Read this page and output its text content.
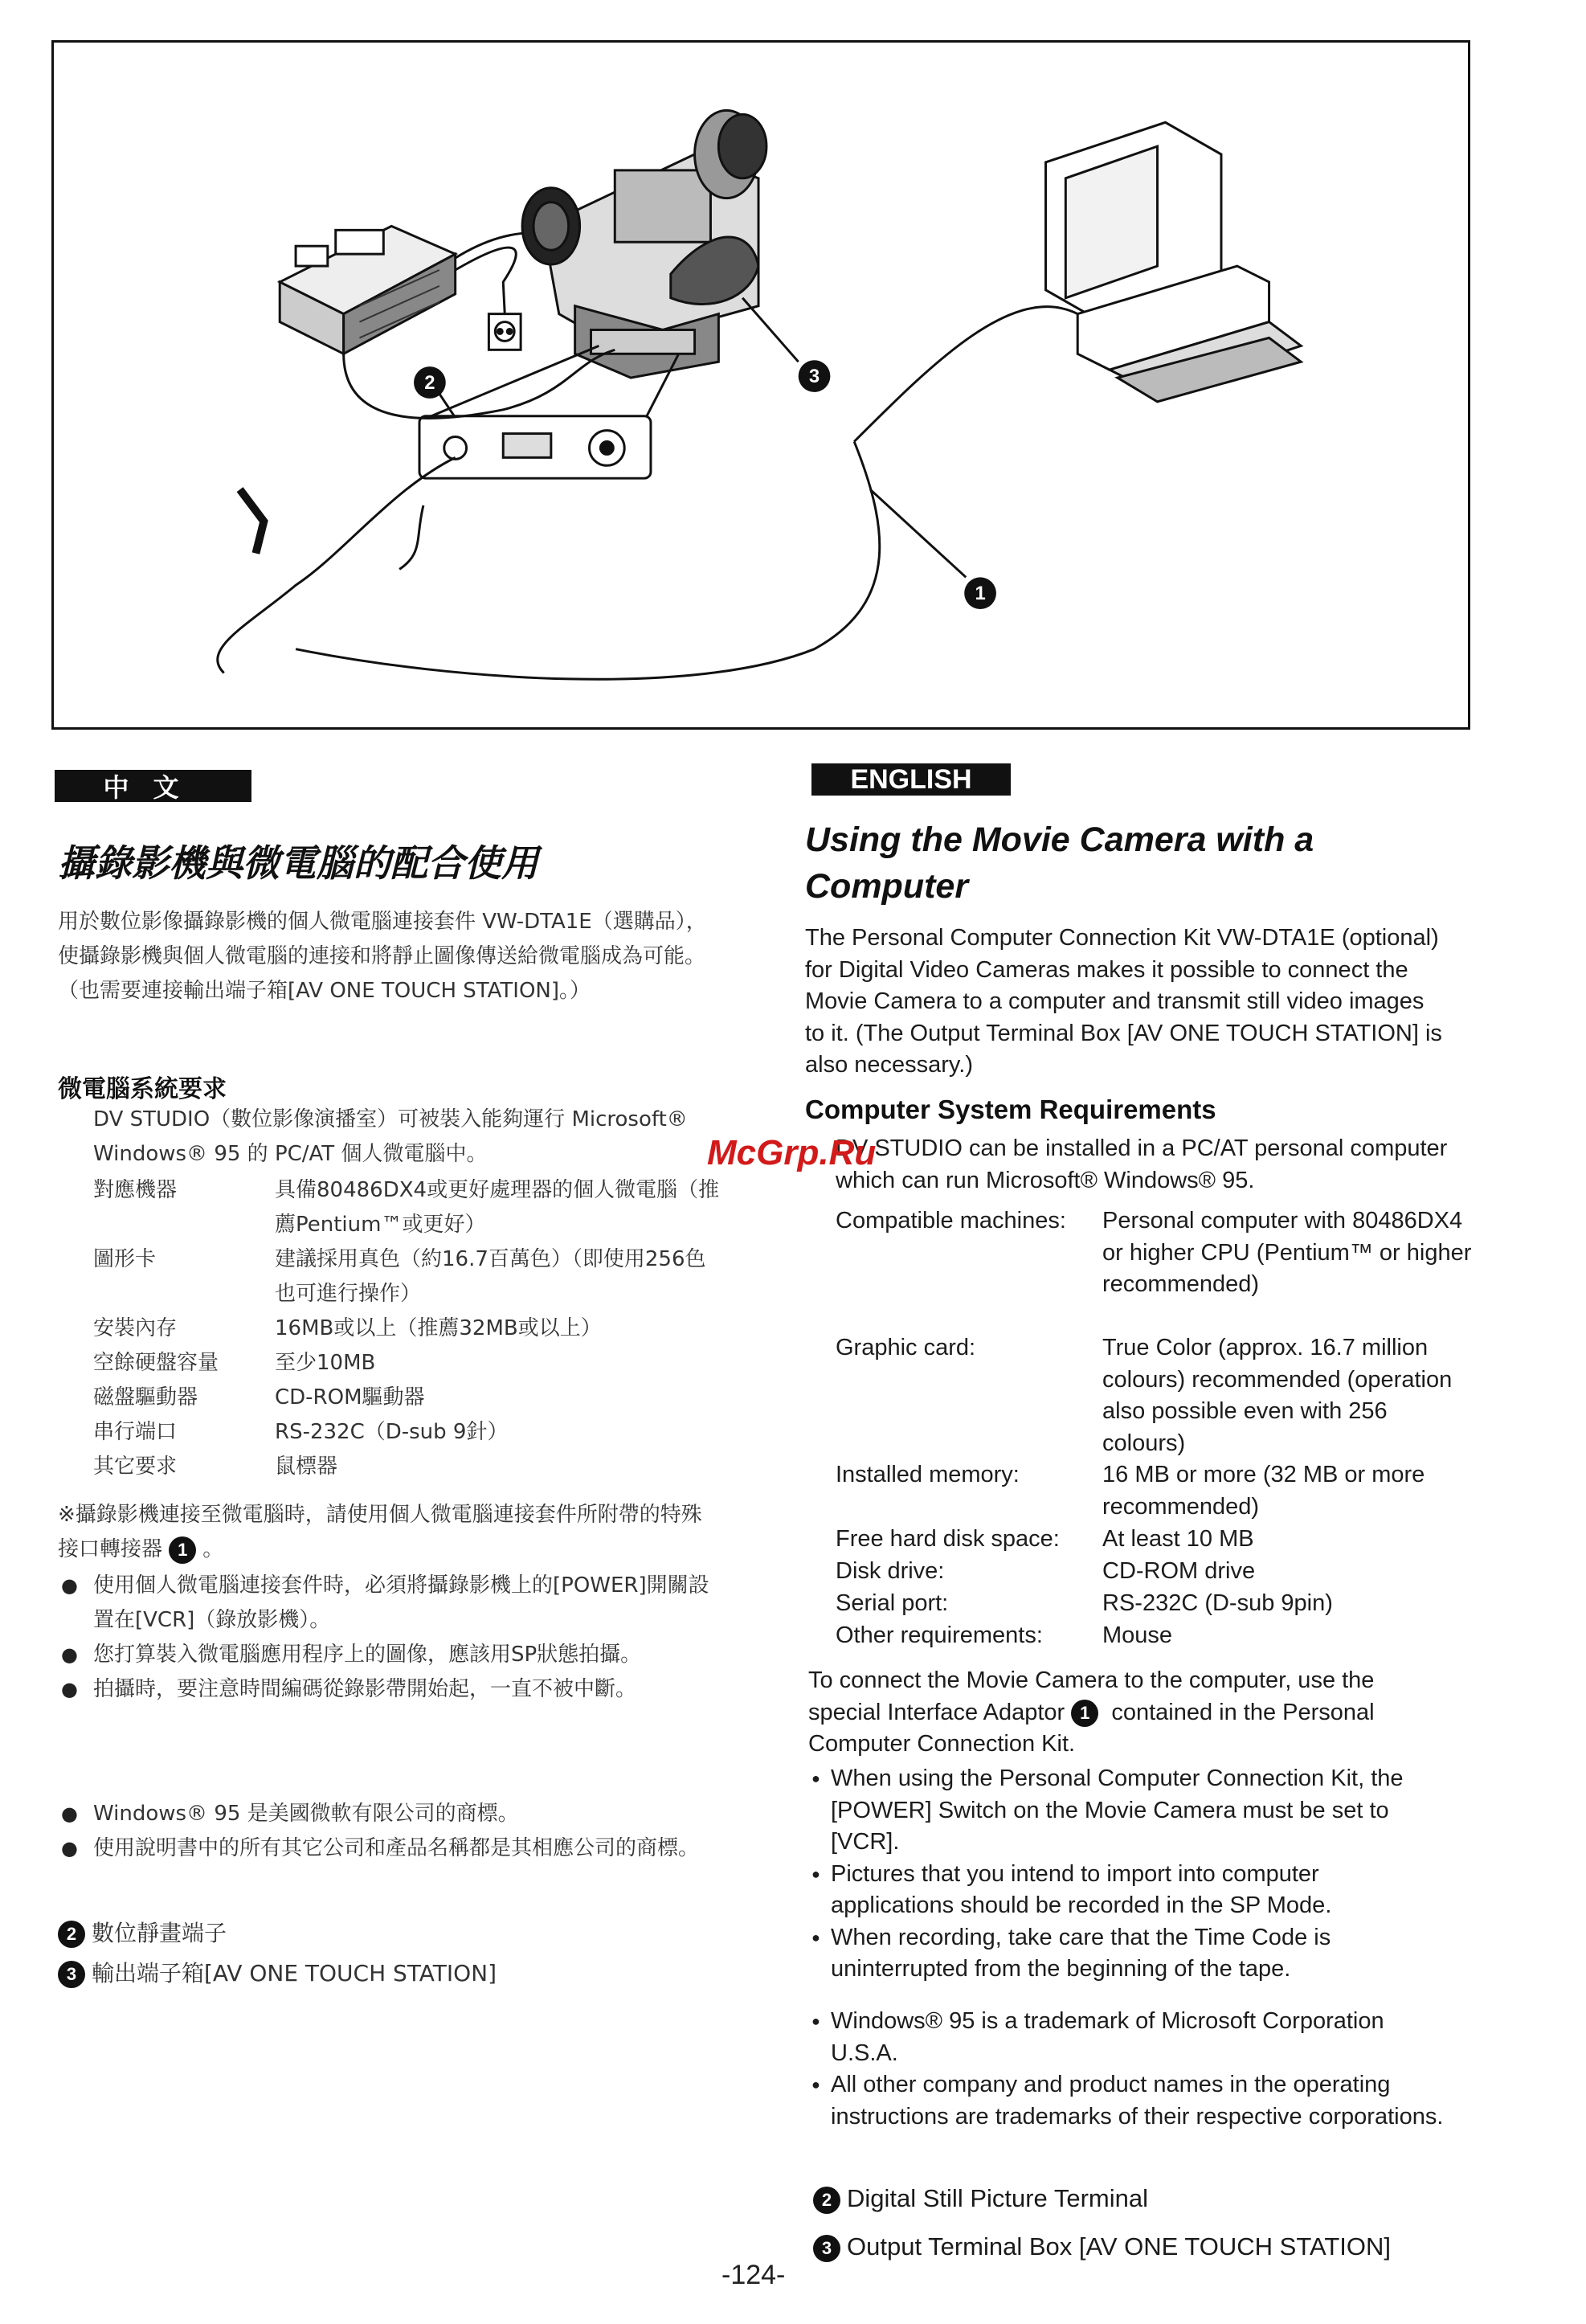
1
2	3
中文
攝錄影機與微電腦的配合使用
用於數位影像攝錄影機的個人微電腦連接套件 VW-DTA1E（選購品），使攝錄影機與個人微電腦的連接和將靜止圖像傳送給微電腦成為可能。（也需要連接輸出端子箱[AV ONE TOUCH STATION]。）
微電腦系統要求
DV STUDIO（數位影像演播室）可被裝入能夠運行 Microsoft® Windows® 95 的 PC/AT 個人微電腦中。
對應機器	具備80486DX4或更好處理器的個人微電腦（推薦Pentium™或更好）
圖形卡	建議採用真色（約16.7百萬色）（即使用256色也可進行操作）
安裝內存	16MB或以上（推薦32MB或以上）
空餘硬盤容量	至少10MB
磁盤驅動器	CD-ROM驅動器
串行端口	RS-232C（D-sub 9針）
其它要求	鼠標器
※攝錄影機連接至微電腦時，請使用個人微電腦連接套件所附帶的特殊接口轉接器 1 。
● 使用個人微電腦連接套件時，必須將攝錄影機上的[POWER]開關設置在[VCR]（錄放影機）。
● 您打算裝入微電腦應用程序上的圖像，應該用SP狀態拍攝。
● 拍攝時，要注意時間編碼從錄影帶開始起，一直不被中斷。
● Windows® 95 是美國微軟有限公司的商標。
● 使用說明書中的所有其它公司和產品名稱都是其相應公司的商標。
2 數位靜畫端子
3 輸出端子箱[AV ONE TOUCH STATION]
ENGLISH
Using the Movie Camera with a Computer
The Personal Computer Connection Kit VW-DTA1E (optional) for Digital Video Cameras makes it possible to connect the Movie Camera to a computer and transmit still video images to it. (The Output Terminal Box [AV ONE TOUCH STATION] is also necessary.)
Computer System Requirements
DV STUDIO can be installed in a PC/AT personal computer which can run Microsoft® Windows® 95.
Compatible machines:	Personal computer with 80486DX4 or higher CPU (Pentium™ or higher recommended)
Graphic card:	True Color (approx. 16.7 million colours) recommended (operation also possible even with 256 colours)
Installed memory:	16 MB or more (32 MB or more recommended)
Free hard disk space:	At least 10 MB
Disk drive:	CD-ROM drive
Serial port:	RS-232C (D-sub 9pin)
Other requirements:	Mouse
To connect the Movie Camera to the computer, use the special Interface Adaptor 1 contained in the Personal Computer Connection Kit.
● When using the Personal Computer Connection Kit, the [POWER] Switch on the Movie Camera must be set to [VCR].
● Pictures that you intend to import into computer applications should be recorded in the SP Mode.
● When recording, take care that the Time Code is uninterrupted from the beginning of the tape.
● Windows® 95 is a trademark of Microsoft Corporation U.S.A.
● All other company and product names in the operating instructions are trademarks of their respective corporations.
2 Digital Still Picture Terminal
3 Output Terminal Box [AV ONE TOUCH STATION]
-124-
McGrp.Ru
